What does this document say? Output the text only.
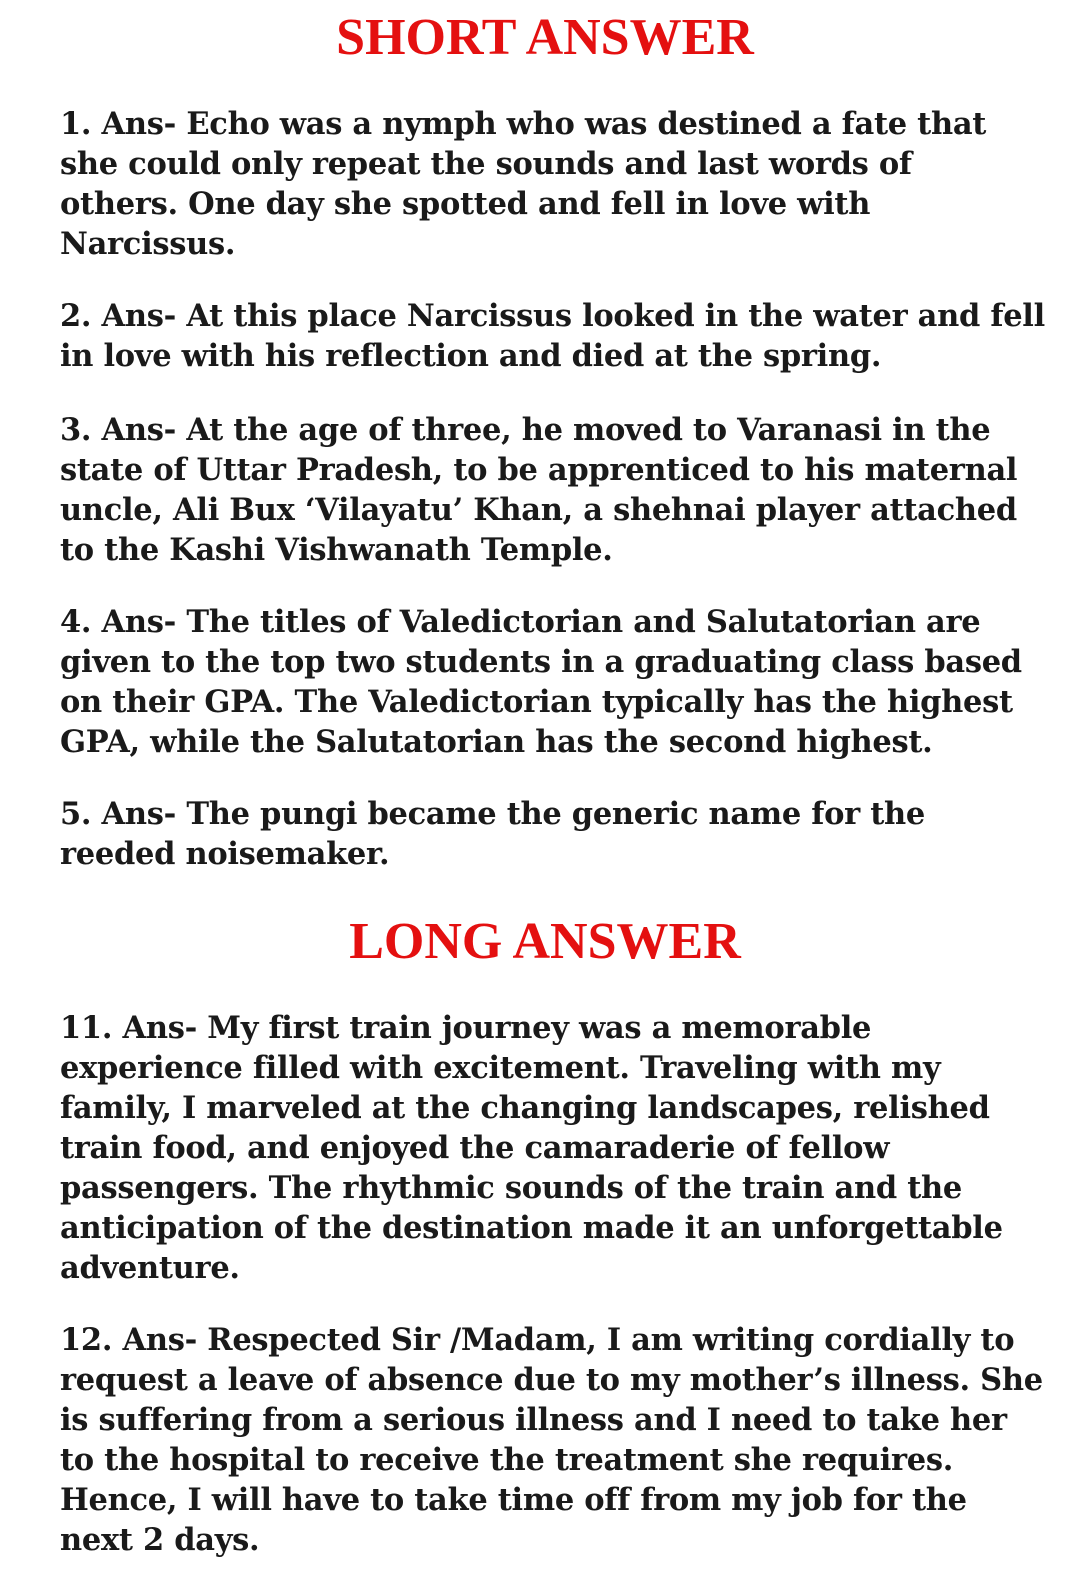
SHORT ANSWER

1. Ans- Echo was a nymph who was destined a fate that
she could only repeat the sounds and last words of
others. One day she spotted and fell in love with
Narcissus.

2. Ans- At this place Narcissus looked in the water and fell
in love with his reflection and died at the spring.

3. Ans- At the age of three, he moved to Varanasi in the
state of Uttar Pradesh, to be apprenticed to his maternal
uncle, Ali Bux ‘Vilayatu’ Khan, a shehnai player attached
to the Kashi Vishwanath Temple.

4. Ans- The titles of Valedictorian and Salutatorian are
given to the top two students in a graduating class based
on their GPA. The Valedictorian typically has the highest
GPA, while the Salutatorian has the second highest.

5. Ans- The pungi became the generic name for the
reeded noisemaker.

LONG ANSWER

11. Ans- My first train journey was a memorable
experience filled with excitement. Traveling with my
family, I marveled at the changing landscapes, relished
train food, and enjoyed the camaraderie of fellow
passengers. The rhythmic sounds of the train and the
anticipation of the destination made it an unforgettable
adventure.

12. Ans- Respected Sir /Madam, I am writing cordially to
request a leave of absence due to my mother’s illness. She
is suffering from a serious illness and I need to take her
to the hospital to receive the treatment she requires.
Hence, I will have to take time off from my job for the
next 2 days.
